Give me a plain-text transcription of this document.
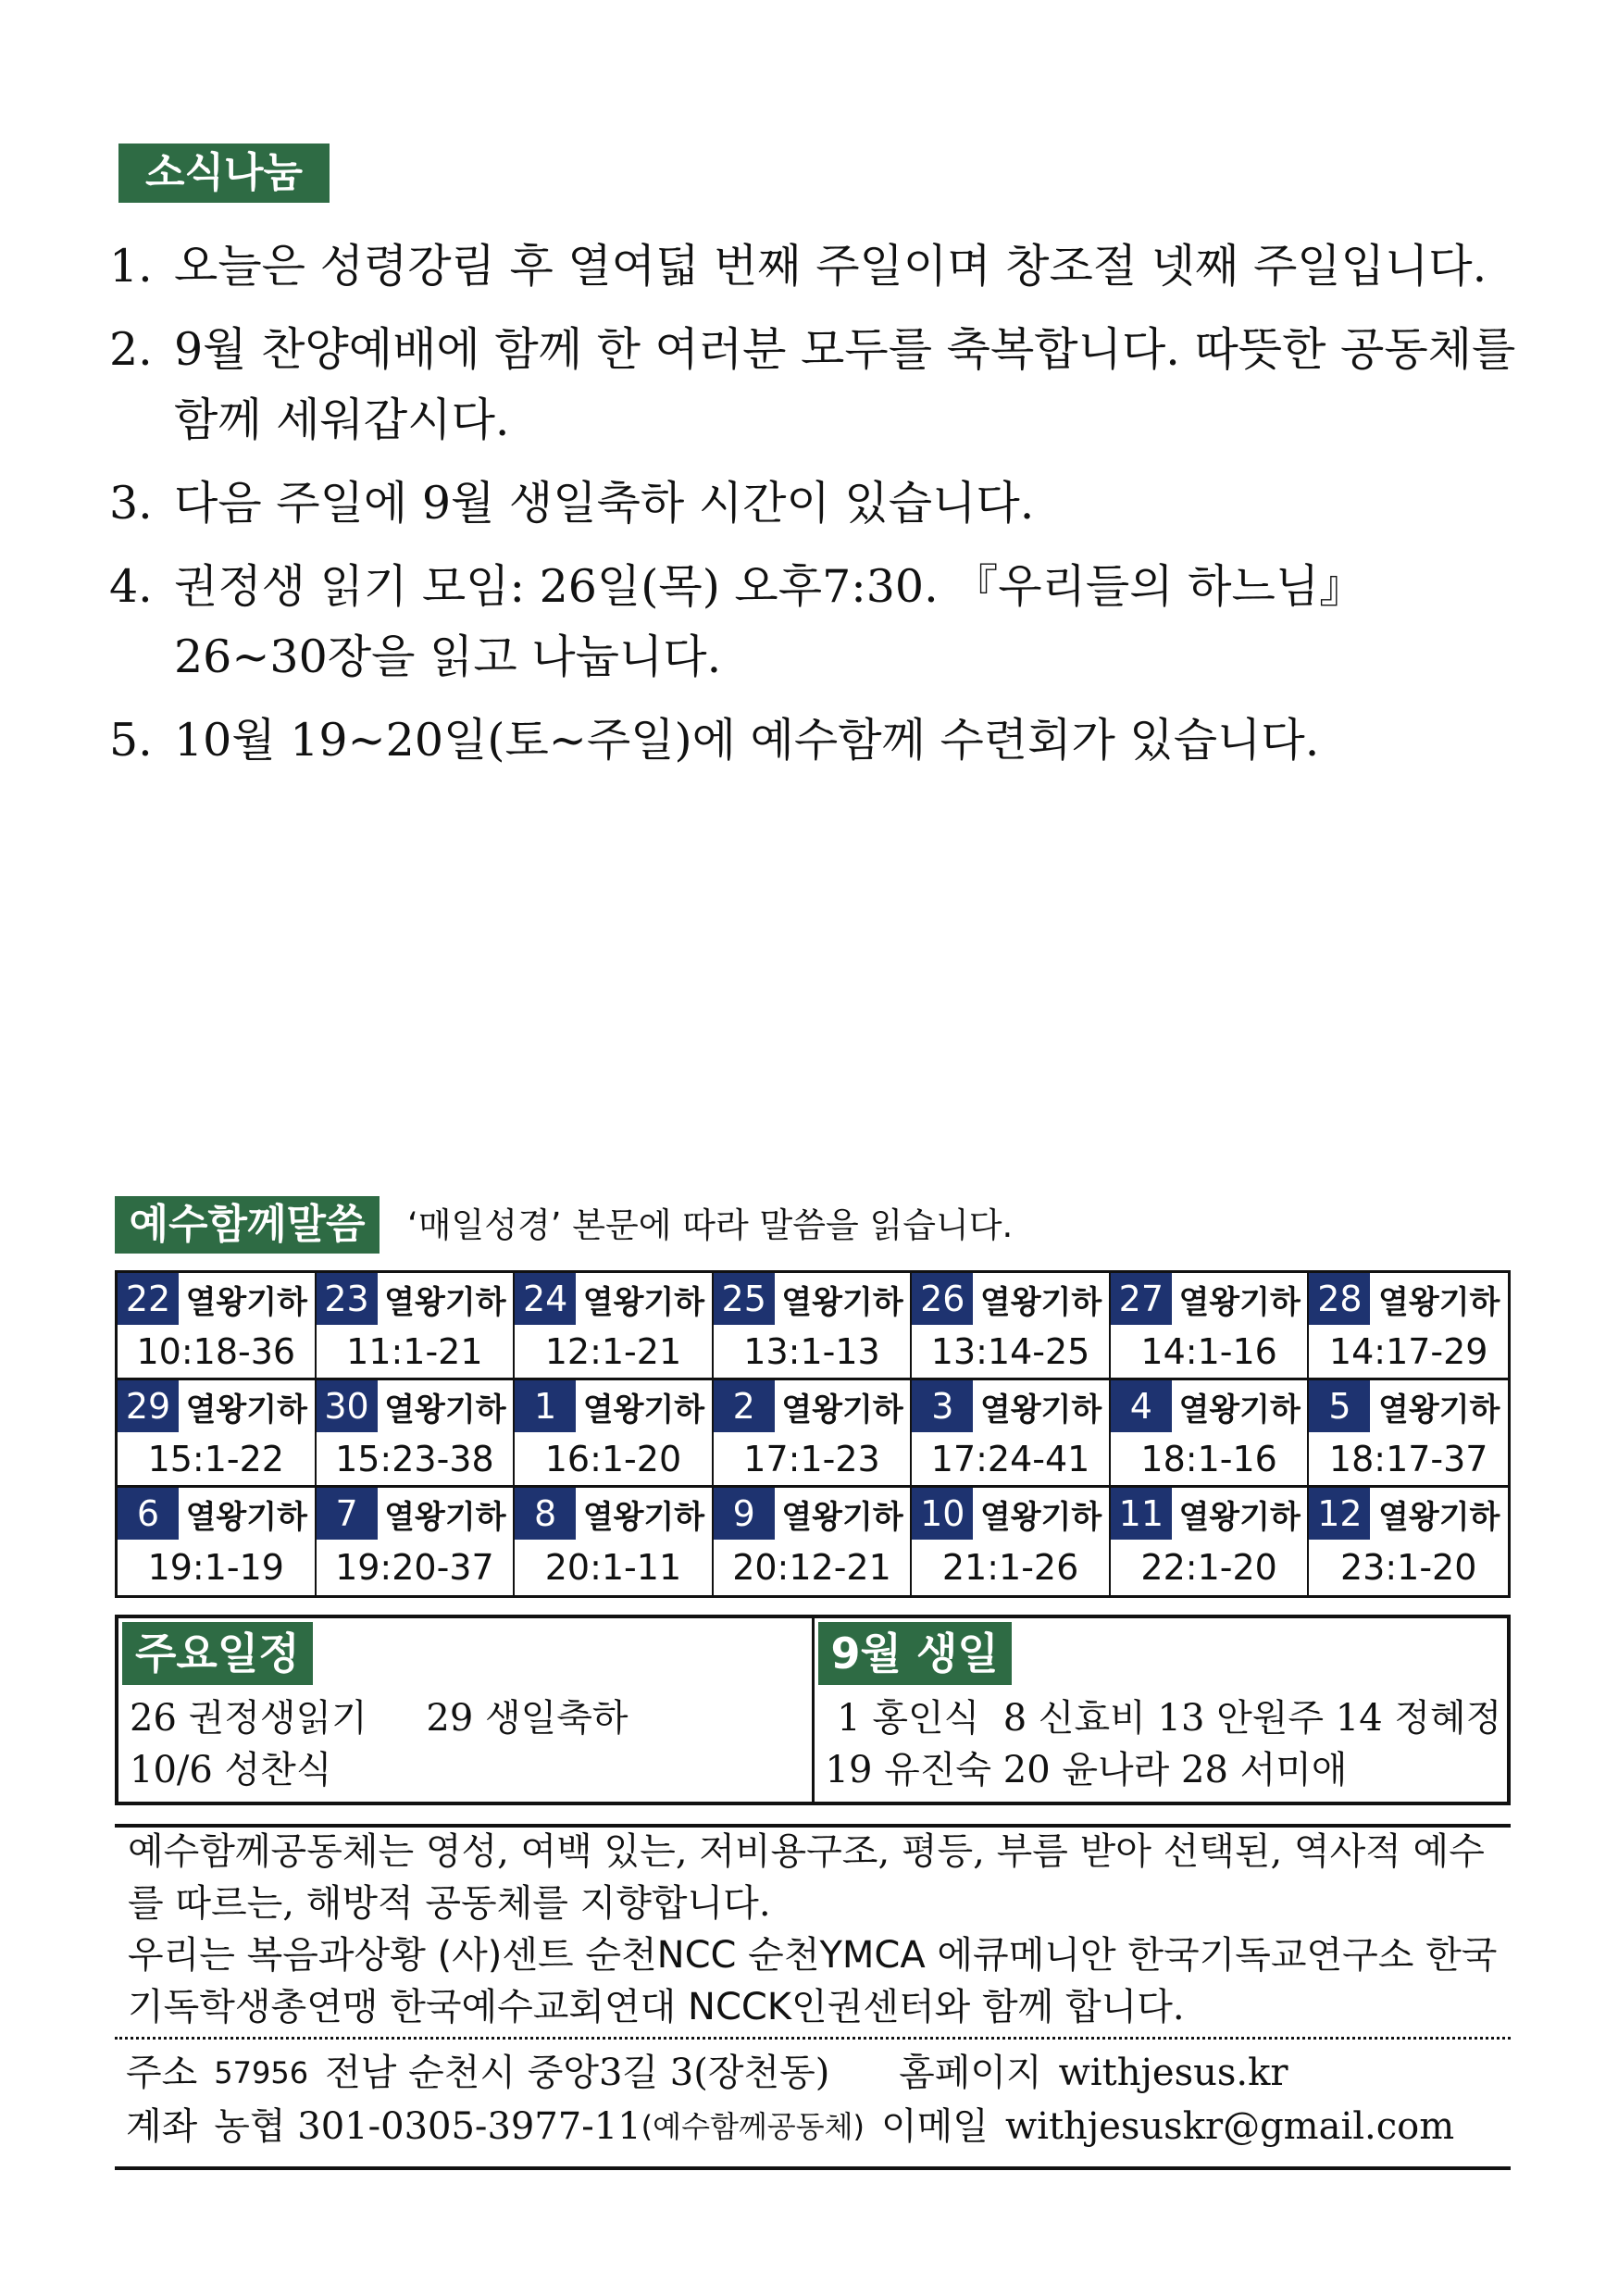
소식나눔
1. 오늘은 성령강림 후 열여덟 번째 주일이며 창조절 넷째 주일입니다.
2. 9월 찬양예배에 함께 한 여러분 모두를 축복합니다. 따뜻한 공동체를 함께 세워갑시다.
3. 다음 주일에 9월 생일축하 시간이 있습니다.
4. 권정생 읽기 모임: 26일(목) 오후7:30. 『우리들의 하느님』26~30장을 읽고 나눕니다.
5. 10월 19~20일(토~주일)에 예수함께 수련회가 있습니다.
예수함께말씀	‘매일성경’ 본문에 따라 말씀을 읽습니다.
22 열왕기하
10:18-36
23 열왕기하
11:1-21
24 열왕기하
12:1-21
25 열왕기하
13:1-13
26 열왕기하
13:14-25
27 열왕기하
14:1-16
28 열왕기하
14:17-29
29 열왕기하
15:1-22
30 열왕기하
15:23-38
1 열왕기하
16:1-20
2 열왕기하
17:1-23
3 열왕기하
17:24-41
4 열왕기하
18:1-16
5 열왕기하
18:17-37
6 열왕기하
19:1-19
7 열왕기하
19:20-37
8 열왕기하
20:1-11
9 열왕기하
20:12-21
10 열왕기하
21:1-26
11 열왕기하
22:1-20
12 열왕기하
23:1-20
주요일정
26 권정생읽기     29 생일축하
10/6 성찬식
9월 생일
1 홍인식  8 신효비 13 안원주 14 정혜정
19 유진숙 20 윤나라 28 서미애

예수함께공동체는 영성, 여백 있는, 저비용구조, 평등, 부름 받아 선택된, 역사적 예수를 따르는, 해방적 공동체를 지향합니다.

우리는 복음과상황 (사)센트 순천NCC 순천YMCA 에큐메니안 한국기독교연구소 한국기독학생총연맹 한국예수교회연대 NCCK인권센터와 함께 합니다.

주소 57956 전남 순천시 중앙3길 3(장천동)	홈페이지 withjesus.kr
계좌 농협 301-0305-3977-11 (예수함께공동체) 이메일 withjesuskr@gmail.com
